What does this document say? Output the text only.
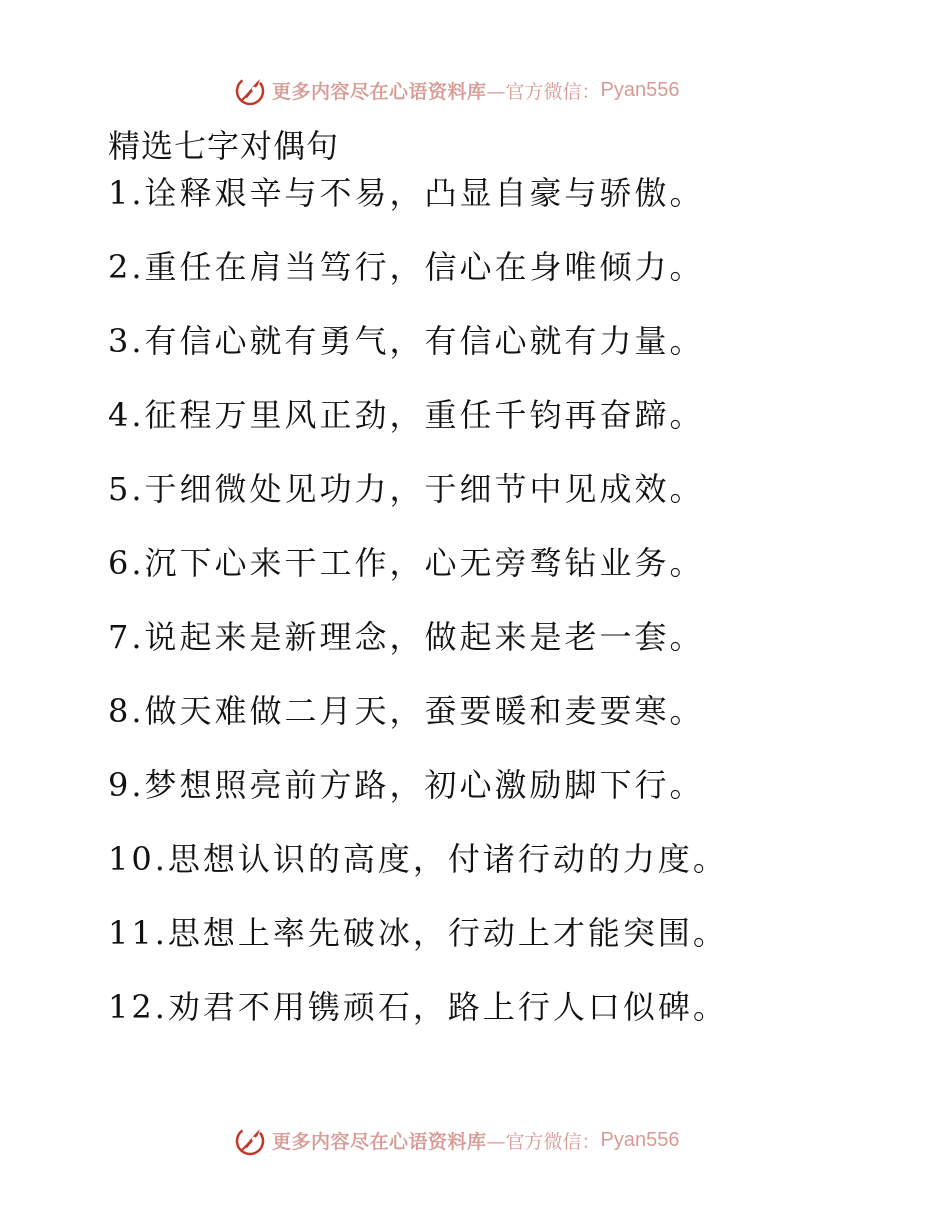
更多内容尽在心语资料库 —官方微信： Pyan556
精选七字对偶句
1.诠释艰辛与不易，凸显自豪与骄傲。
2.重任在肩当笃行，信心在身唯倾力。
3.有信心就有勇气，有信心就有力量。
4.征程万里风正劲，重任千钧再奋蹄。
5.于细微处见功力，于细节中见成效。
6.沉下心来干工作，心无旁骛钻业务。
7.说起来是新理念，做起来是老一套。
8.做天难做二月天，蚕要暖和麦要寒。
9.梦想照亮前方路，初心激励脚下行。
10.思想认识的高度，付诸行动的力度。
11.思想上率先破冰，行动上才能突围。
12.劝君不用镌顽石，路上行人口似碑。
更多内容尽在心语资料库 —官方微信： Pyan556
